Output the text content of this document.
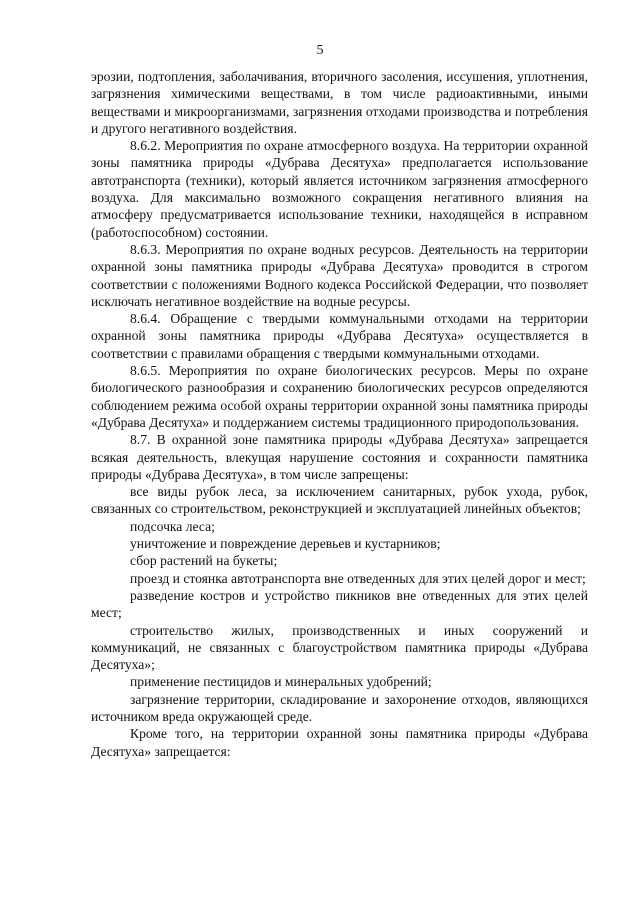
5

эрозии, подтопления, заболачивания, вторичного засоления, иссушения, уплотнения, загрязнения химическими веществами, в том числе радиоактивными, иными веществами и микроорганизмами, загрязнения отходами производства и потребления и другого негативного воздействия.

8.6.2. Мероприятия по охране атмосферного воздуха. На территории охранной зоны памятника природы «Дубрава Десятуха» предполагается использование автотранспорта (техники), который является источником загрязнения атмосферного воздуха. Для максимально возможного сокращения негативного влияния на атмосферу предусматривается использование техники, находящейся в исправном (работоспособном) состоянии.

8.6.3. Мероприятия по охране водных ресурсов. Деятельность на территории охранной зоны памятника природы «Дубрава Десятуха» проводится в строгом соответствии с положениями Водного кодекса Российской Федерации, что позволяет исключать негативное воздействие на водные ресурсы.

8.6.4. Обращение с твердыми коммунальными отходами на территории охранной зоны памятника природы «Дубрава Десятуха» осуществляется в соответствии с правилами обращения с твердыми коммунальными отходами.

8.6.5. Мероприятия по охране биологических ресурсов. Меры по охране биологического разнообразия и сохранению биологических ресурсов определяются соблюдением режима особой охраны территории охранной зоны памятника природы «Дубрава Десятуха» и поддержанием системы традиционного природопользования.

8.7. В охранной зоне памятника природы «Дубрава Десятуха» запрещается всякая деятельность, влекущая нарушение состояния и сохранности памятника природы «Дубрава Десятуха», в том числе запрещены:

все виды рубок леса, за исключением санитарных, рубок ухода, рубок, связанных со строительством, реконструкцией и эксплуатацией линейных объектов;

подсочка леса;

уничтожение и повреждение деревьев и кустарников;

сбор растений на букеты;

проезд и стоянка автотранспорта вне отведенных для этих целей дорог и мест;

разведение костров и устройство пикников вне отведенных для этих целей мест;

строительство жилых, производственных и иных сооружений и коммуникаций, не связанных с благоустройством памятника природы «Дубрава Десятуха»;

применение пестицидов и минеральных удобрений;

загрязнение территории, складирование и захоронение отходов, являющихся источником вреда окружающей среде.

Кроме того, на территории охранной зоны памятника природы «Дубрава Десятуха» запрещается:
